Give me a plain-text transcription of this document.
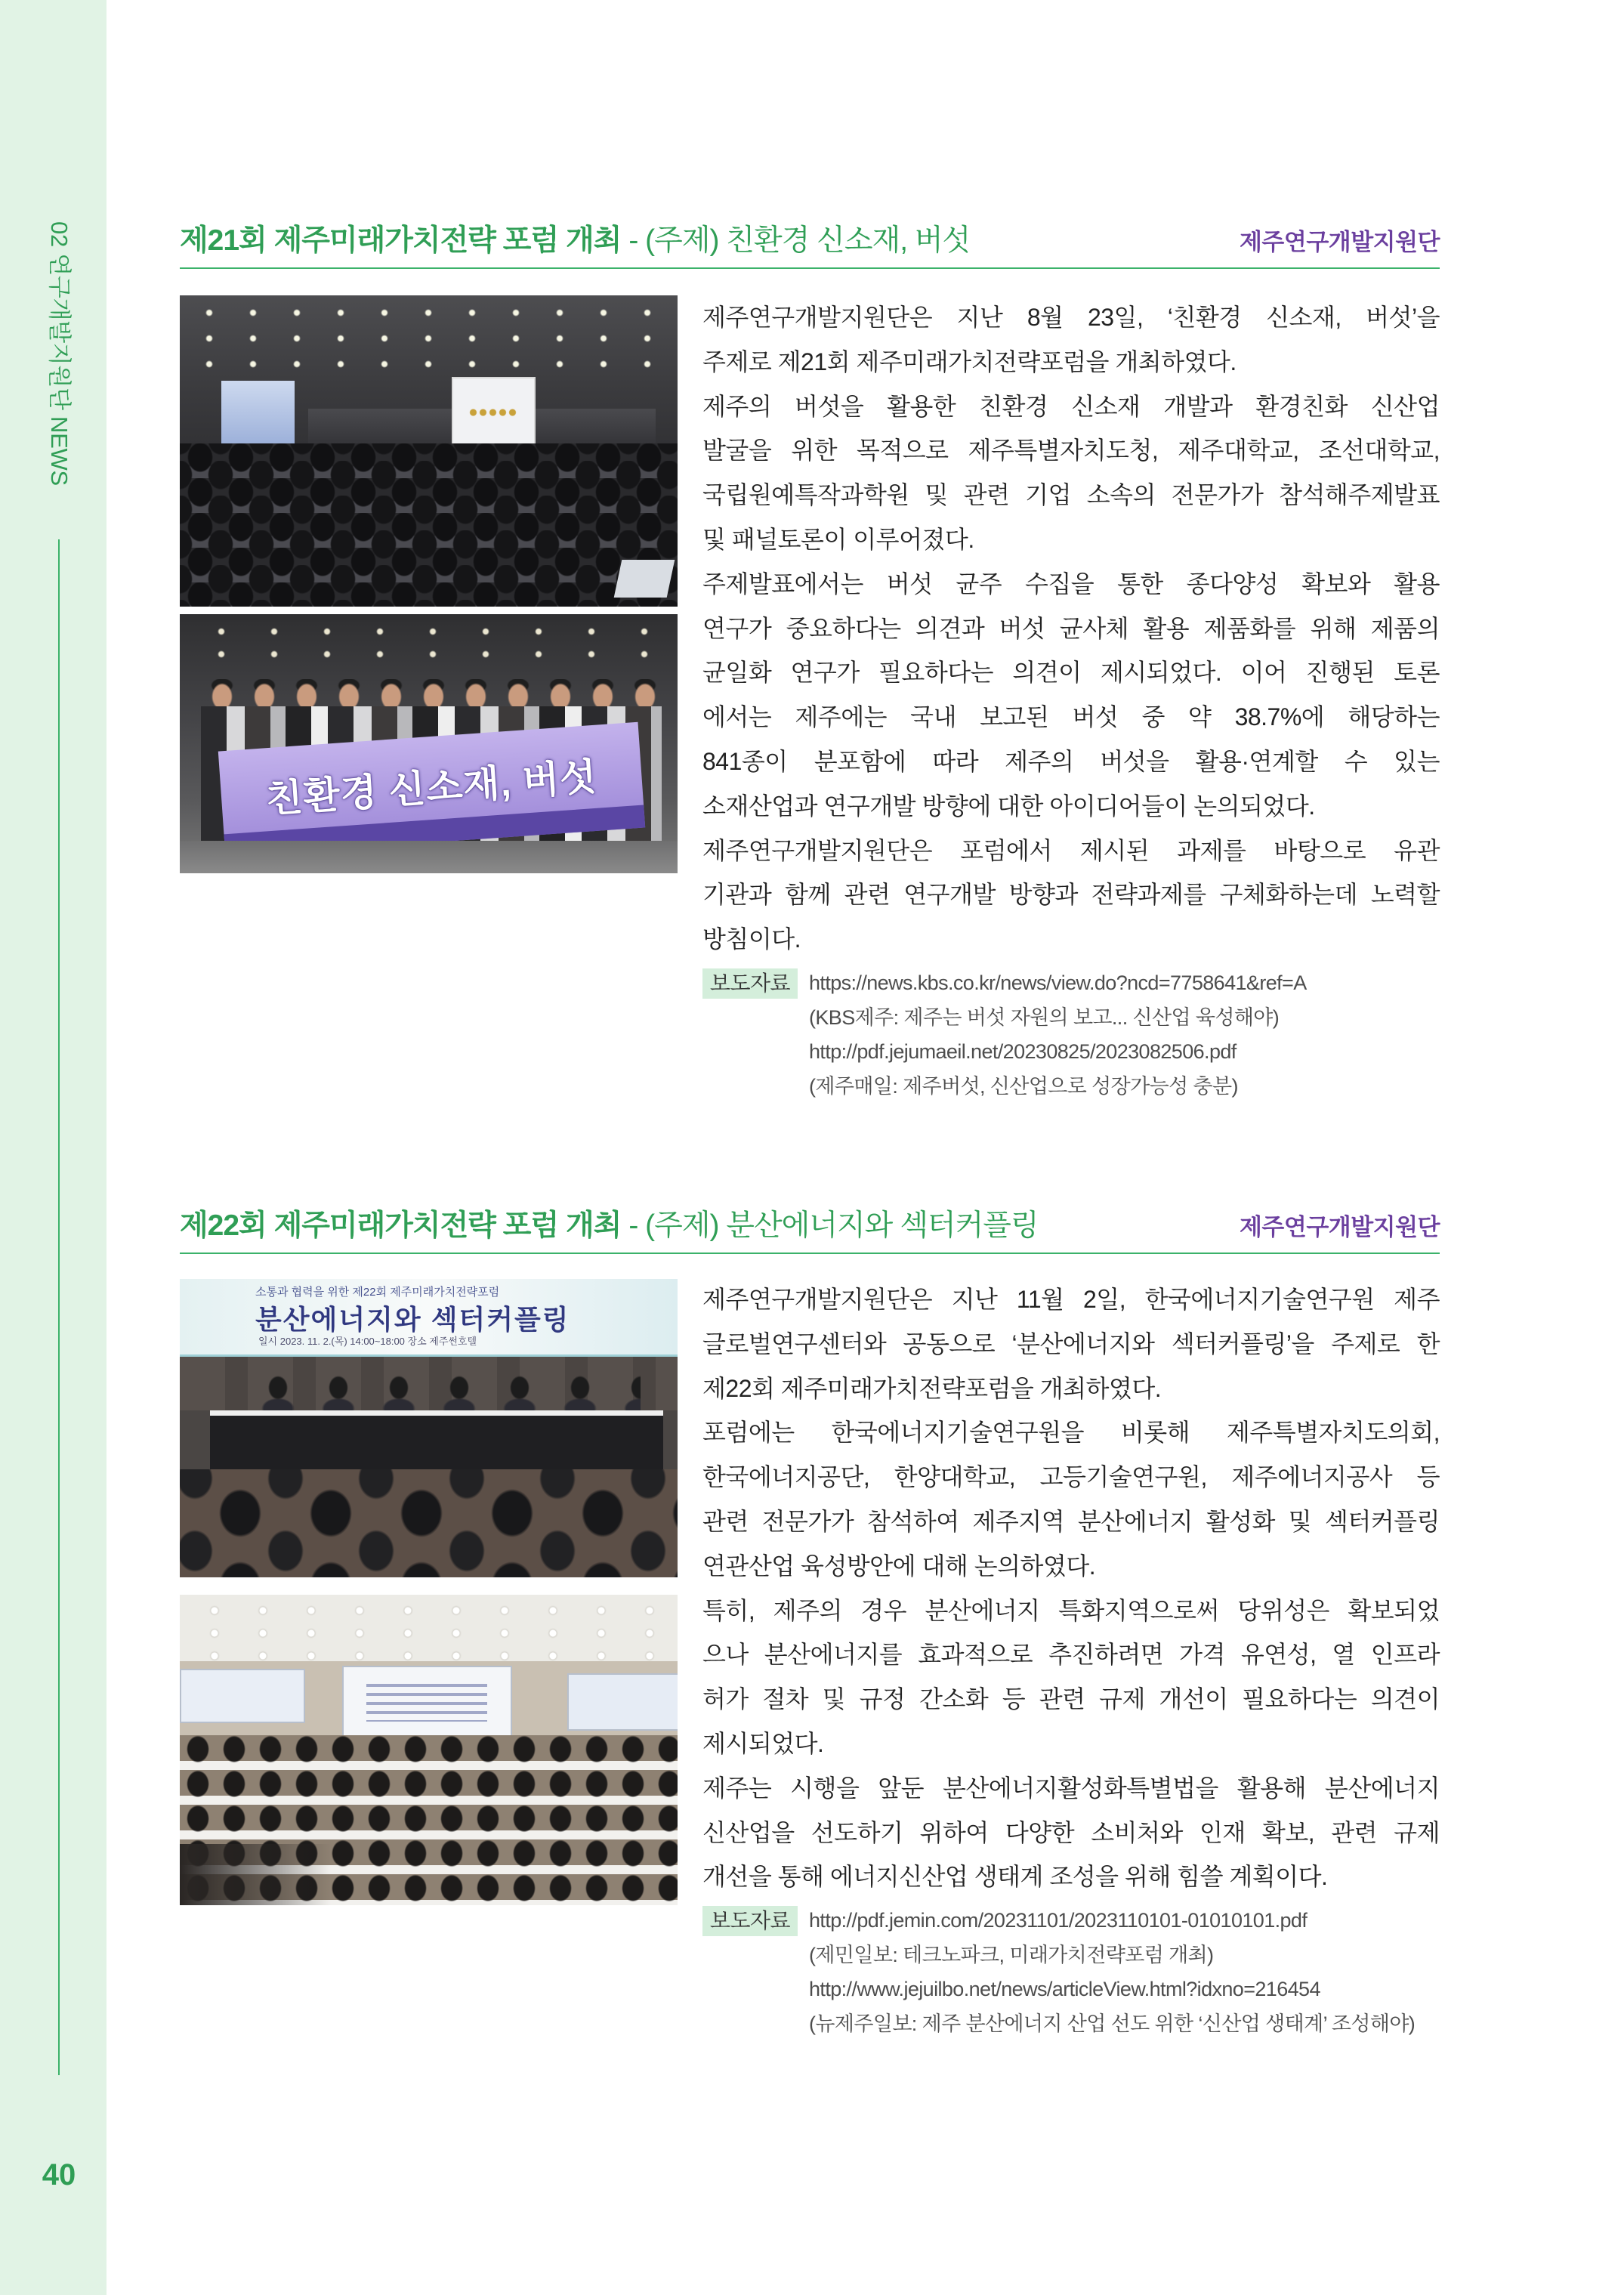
02 연구개발지원단 NEWS
40
제21회 제주미래가치전략 포럼 개최 - (주제) 친환경 신소재, 버섯	제주연구개발지원단
친환경 신소재, 버섯
제주연구개발지원단은 지난 8월 23일, ‘친환경 신소재, 버섯’을
주제로 제21회 제주미래가치전략포럼을 개최하였다.
제주의 버섯을 활용한 친환경 신소재 개발과 환경친화 신산업
발굴을 위한 목적으로 제주특별자치도청, 제주대학교, 조선대학교,
국립원예특작과학원 및 관련 기업 소속의 전문가가 참석해주제발표
및 패널토론이 이루어졌다.
주제발표에서는 버섯 균주 수집을 통한 종다양성 확보와 활용
연구가 중요하다는 의견과 버섯 균사체 활용 제품화를 위해 제품의
균일화 연구가 필요하다는 의견이 제시되었다. 이어 진행된 토론
에서는 제주에는 국내 보고된 버섯 중 약 38.7%에 해당하는
841종이 분포함에 따라 제주의 버섯을 활용·연계할 수 있는
소재산업과 연구개발 방향에 대한 아이디어들이 논의되었다.
제주연구개발지원단은 포럼에서 제시된 과제를 바탕으로 유관
기관과 함께 관련 연구개발 방향과 전략과제를 구체화하는데 노력할
방침이다.
보도자료 https://news.kbs.co.kr/news/view.do?ncd=7758641&ref=A
(KBS제주: 제주는 버섯 자원의 보고... 신산업 육성해야)
http://pdf.jejumaeil.net/20230825/2023082506.pdf
(제주매일: 제주버섯, 신산업으로 성장가능성 충분)
제22회 제주미래가치전략 포럼 개최 - (주제) 분산에너지와 섹터커플링	제주연구개발지원단
소통과 협력을 위한 제22회 제주미래가치전략포럼
분산에너지와 섹터커플링
일시 2023. 11. 2.(목) 14:00~18:00 장소 제주썬호텔
제주연구개발지원단은 지난 11월 2일, 한국에너지기술연구원 제주
글로벌연구센터와 공동으로 ‘분산에너지와 섹터커플링’을 주제로 한
제22회 제주미래가치전략포럼을 개최하였다.
포럼에는 한국에너지기술연구원을 비롯해 제주특별자치도의회,
한국에너지공단, 한양대학교, 고등기술연구원, 제주에너지공사 등
관련 전문가가 참석하여 제주지역 분산에너지 활성화 및 섹터커플링
연관산업 육성방안에 대해 논의하였다.
특히, 제주의 경우 분산에너지 특화지역으로써 당위성은 확보되었
으나 분산에너지를 효과적으로 추진하려면 가격 유연성, 열 인프라
허가 절차 및 규정 간소화 등 관련 규제 개선이 필요하다는 의견이
제시되었다.
제주는 시행을 앞둔 분산에너지활성화특별법을 활용해 분산에너지
신산업을 선도하기 위하여 다양한 소비처와 인재 확보, 관련 규제
개선을 통해 에너지신산업 생태계 조성을 위해 힘쓸 계획이다.
보도자료 http://pdf.jemin.com/20231101/2023110101-01010101.pdf
(제민일보: 테크노파크, 미래가치전략포럼 개최)
http://www.jejuilbo.net/news/articleView.html?idxno=216454
(뉴제주일보: 제주 분산에너지 산업 선도 위한 ‘신산업 생태계’ 조성해야)
